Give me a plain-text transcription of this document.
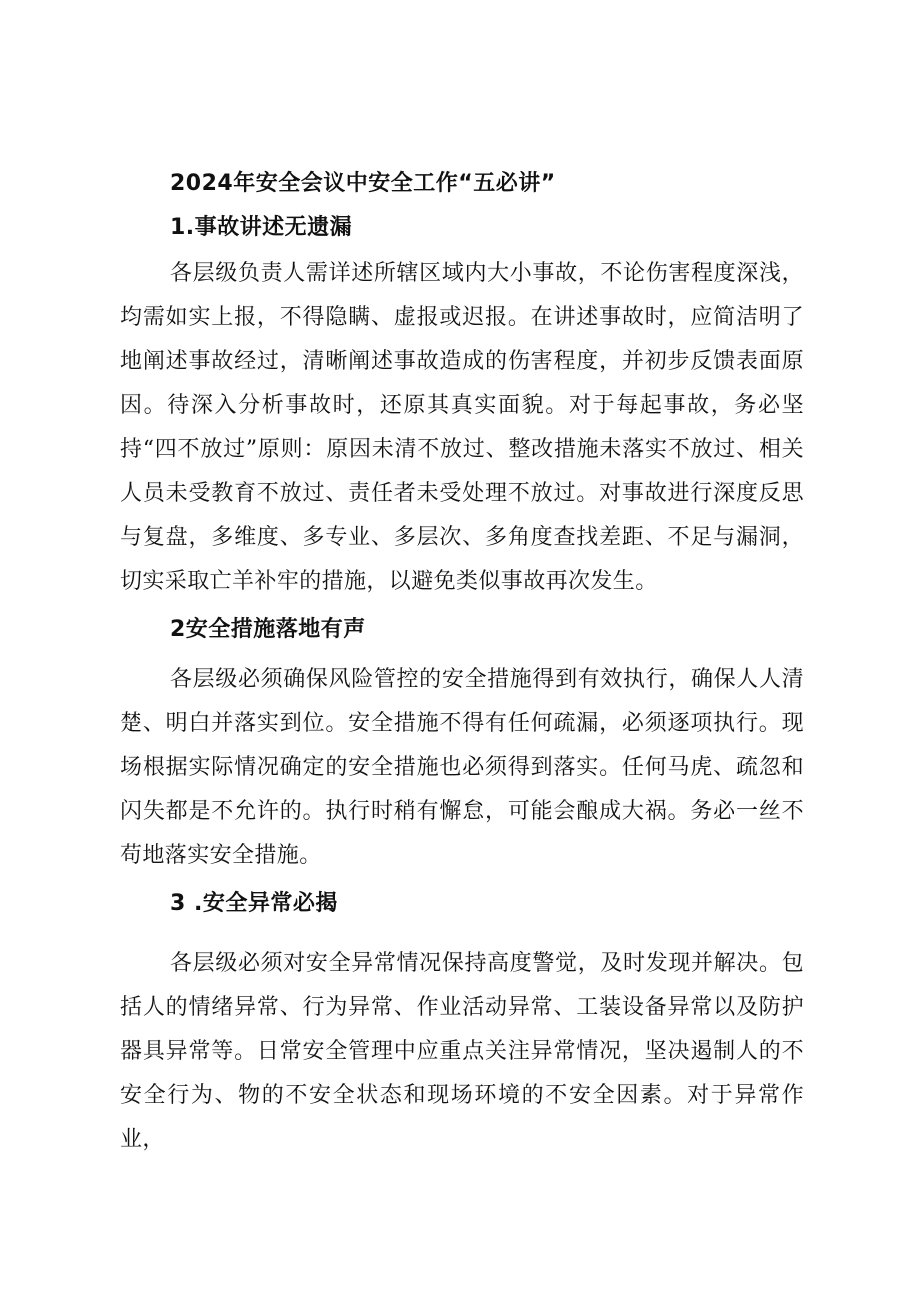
2024年安全会议中安全工作“五必讲”
1.事故讲述无遗漏

各层级负责人需详述所辖区域内大小事故，不论伤害程度深浅，均需如实上报，不得隐瞒、虚报或迟报。在讲述事故时，应简洁明了地阐述事故经过，清晰阐述事故造成的伤害程度，并初步反馈表面原因。待深入分析事故时，还原其真实面貌。对于每起事故，务必坚持“四不放过”原则：原因未清不放过、整改措施未落实不放过、相关人员未受教育不放过、责任者未受处理不放过。对事故进行深度反思与复盘，多维度、多专业、多层次、多角度查找差距、不足与漏洞，切实采取亡羊补牢的措施，以避免类似事故再次发生。

2安全措施落地有声

各层级必须确保风险管控的安全措施得到有效执行，确保人人清楚、明白并落实到位。安全措施不得有任何疏漏，必须逐项执行。现场根据实际情况确定的安全措施也必须得到落实。任何马虎、疏忽和闪失都是不允许的。执行时稍有懈怠，可能会酿成大祸。务必一丝不苟地落实安全措施。

3 .安全异常必揭

各层级必须对安全异常情况保持高度警觉，及时发现并解决。包括人的情绪异常、行为异常、作业活动异常、工装设备异常以及防护器具异常等。日常安全管理中应重点关注异常情况，坚决遏制人的不安全行为、物的不安全状态和现场环境的不安全因素。对于异常作业，
